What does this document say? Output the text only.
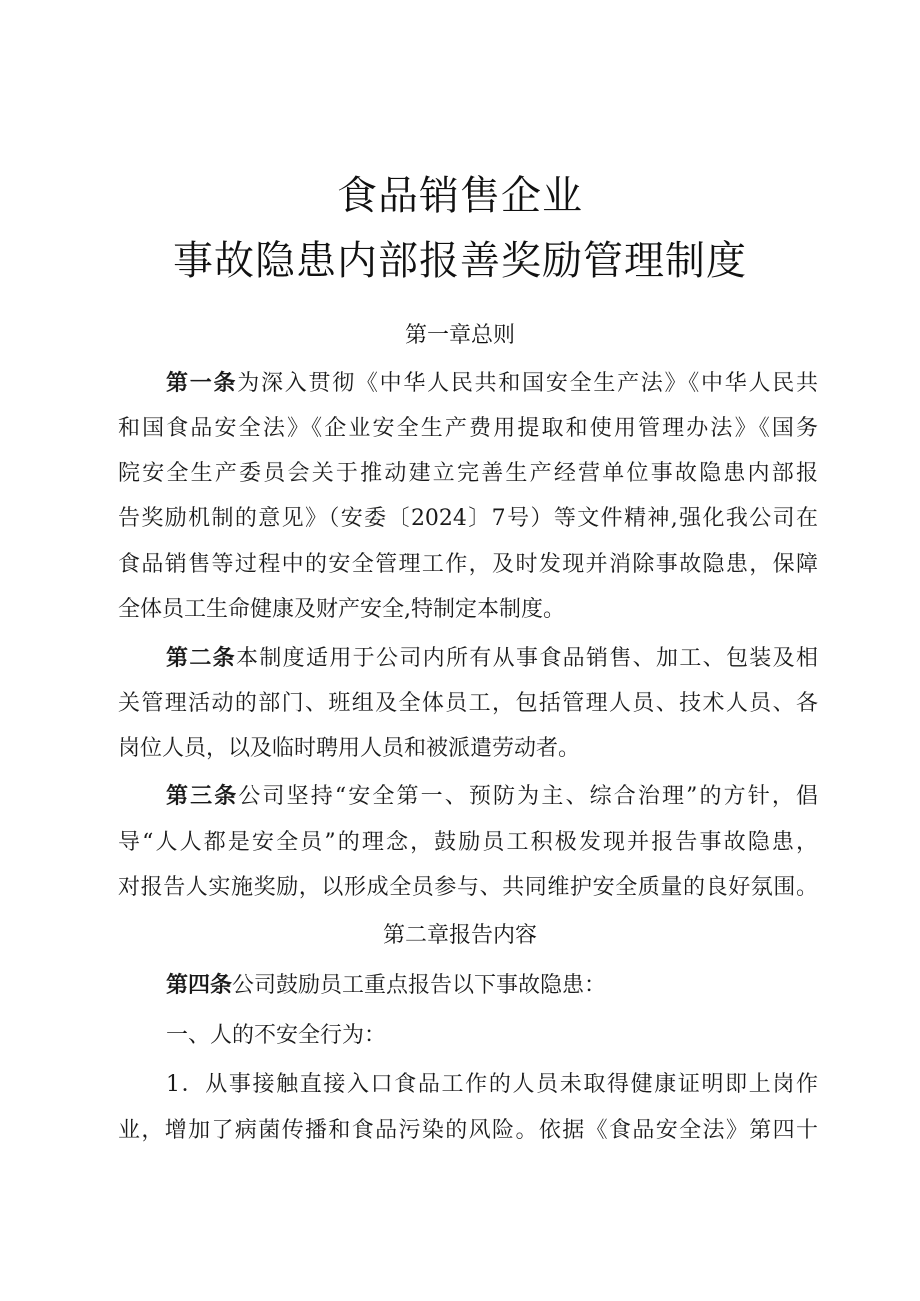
食品销售企业
事故隐患内部报善奖励管理制度
第一章总则
第一条为深入贯彻《中华人民共和国安全生产法》《中华人民共
和国食品安全法》《企业安全生产费用提取和使用管理办法》《国务
院安全生产委员会关于推动建立完善生产经营单位事故隐患内部报
告奖励机制的意见》（安委〔2024〕7号）等文件精神,强化我公司在
食品销售等过程中的安全管理工作，及时发现并消除事故隐患，保障
全体员工生命健康及财产安全,特制定本制度。
第二条本制度适用于公司内所有从事食品销售、加工、包装及相
关管理活动的部门、班组及全体员工，包括管理人员、技术人员、各
岗位人员，以及临时聘用人员和被派遣劳动者。
第三条公司坚持“安全第一、预防为主、综合治理”的方针，倡
导“人人都是安全员”的理念，鼓励员工积极发现并报告事故隐患，
对报告人实施奖励，以形成全员参与、共同维护安全质量的良好氛围。
第二章报告内容
第四条公司鼓励员工重点报告以下事故隐患：
一、人的不安全行为：
1．从事接触直接入口食品工作的人员未取得健康证明即上岗作
业，增加了病菌传播和食品污染的风险。依据《食品安全法》第四十
